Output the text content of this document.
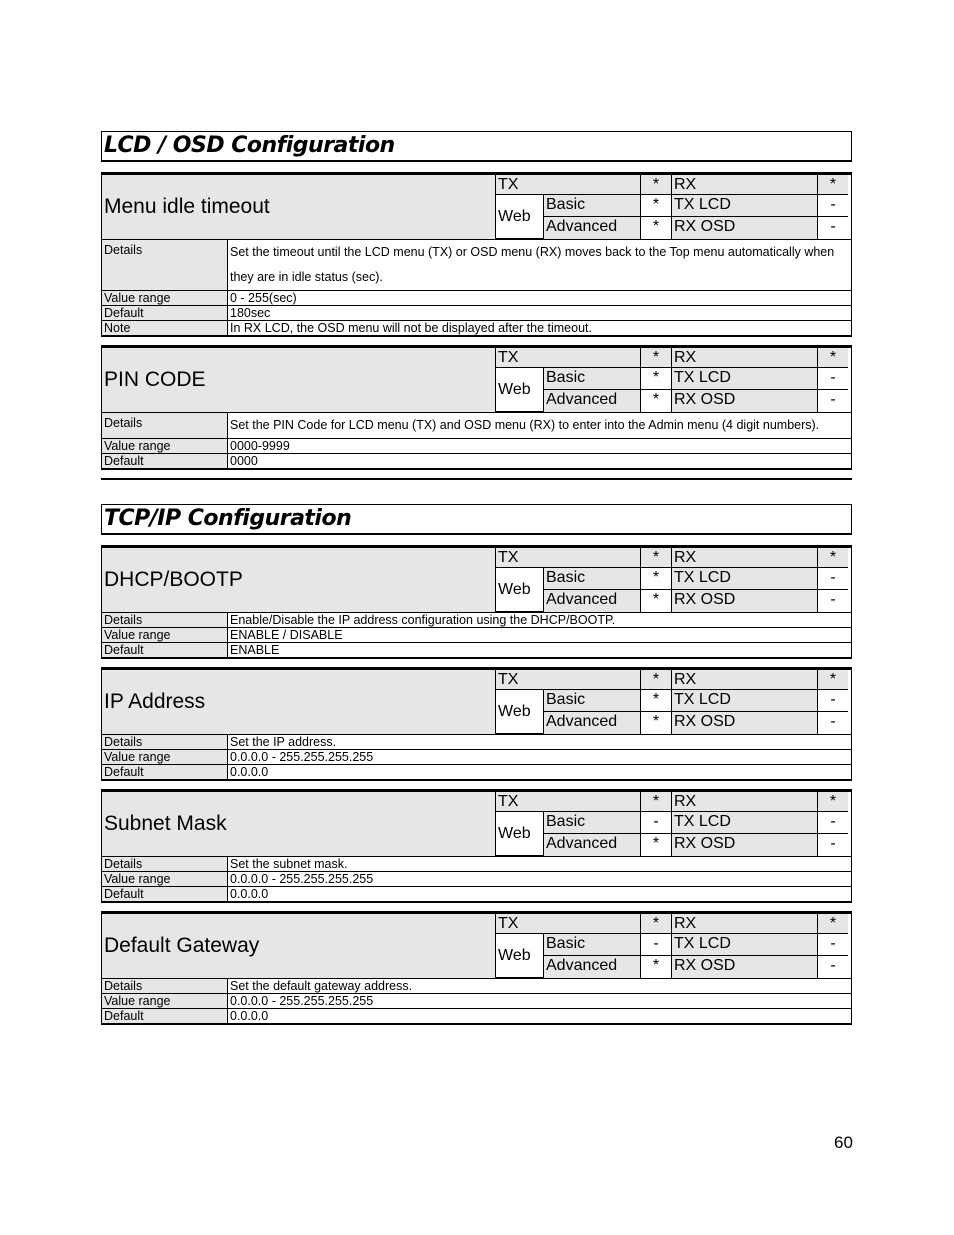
LCD / OSD Configuration
Menu idle timeout
TX	* RX	*
Web
Basic	* TX LCD	-
Advanced	* RX OSD	-
Details	Set the timeout until the LCD menu (TX) or OSD menu (RX) moves back to the Top menu automatically when they are in idle status (sec).
Value range	0 - 255(sec)
Default	180sec
Note	In RX LCD, the OSD menu will not be displayed after the timeout.
PIN CODE
TX	* RX	*
Web
Basic	* TX LCD	-
Advanced	* RX OSD	-
Details	Set the PIN Code for LCD menu (TX) and OSD menu (RX) to enter into the Admin menu (4 digit numbers).
Value range	0000-9999
Default	0000
TCP/IP Configuration
DHCP/BOOTP
TX	* RX	*
Web
Basic	* TX LCD	-
Advanced	* RX OSD	-
Details	Enable/Disable the IP address configuration using the DHCP/BOOTP.
Value range	ENABLE / DISABLE
Default	ENABLE
IP Address
TX	* RX	*
Web
Basic	* TX LCD	-
Advanced	* RX OSD	-
Details	Set the IP address.
Value range	0.0.0.0 - 255.255.255.255
Default	0.0.0.0
Subnet Mask
TX	* RX	*
Web
Basic	- TX LCD	-
Advanced	* RX OSD	-
Details	Set the subnet mask.
Value range	0.0.0.0 - 255.255.255.255
Default	0.0.0.0
Default Gateway
TX	* RX	*
Web
Basic	- TX LCD	-
Advanced	* RX OSD	-
Details	Set the default gateway address.
Value range	0.0.0.0 - 255.255.255.255
Default	0.0.0.0
60
